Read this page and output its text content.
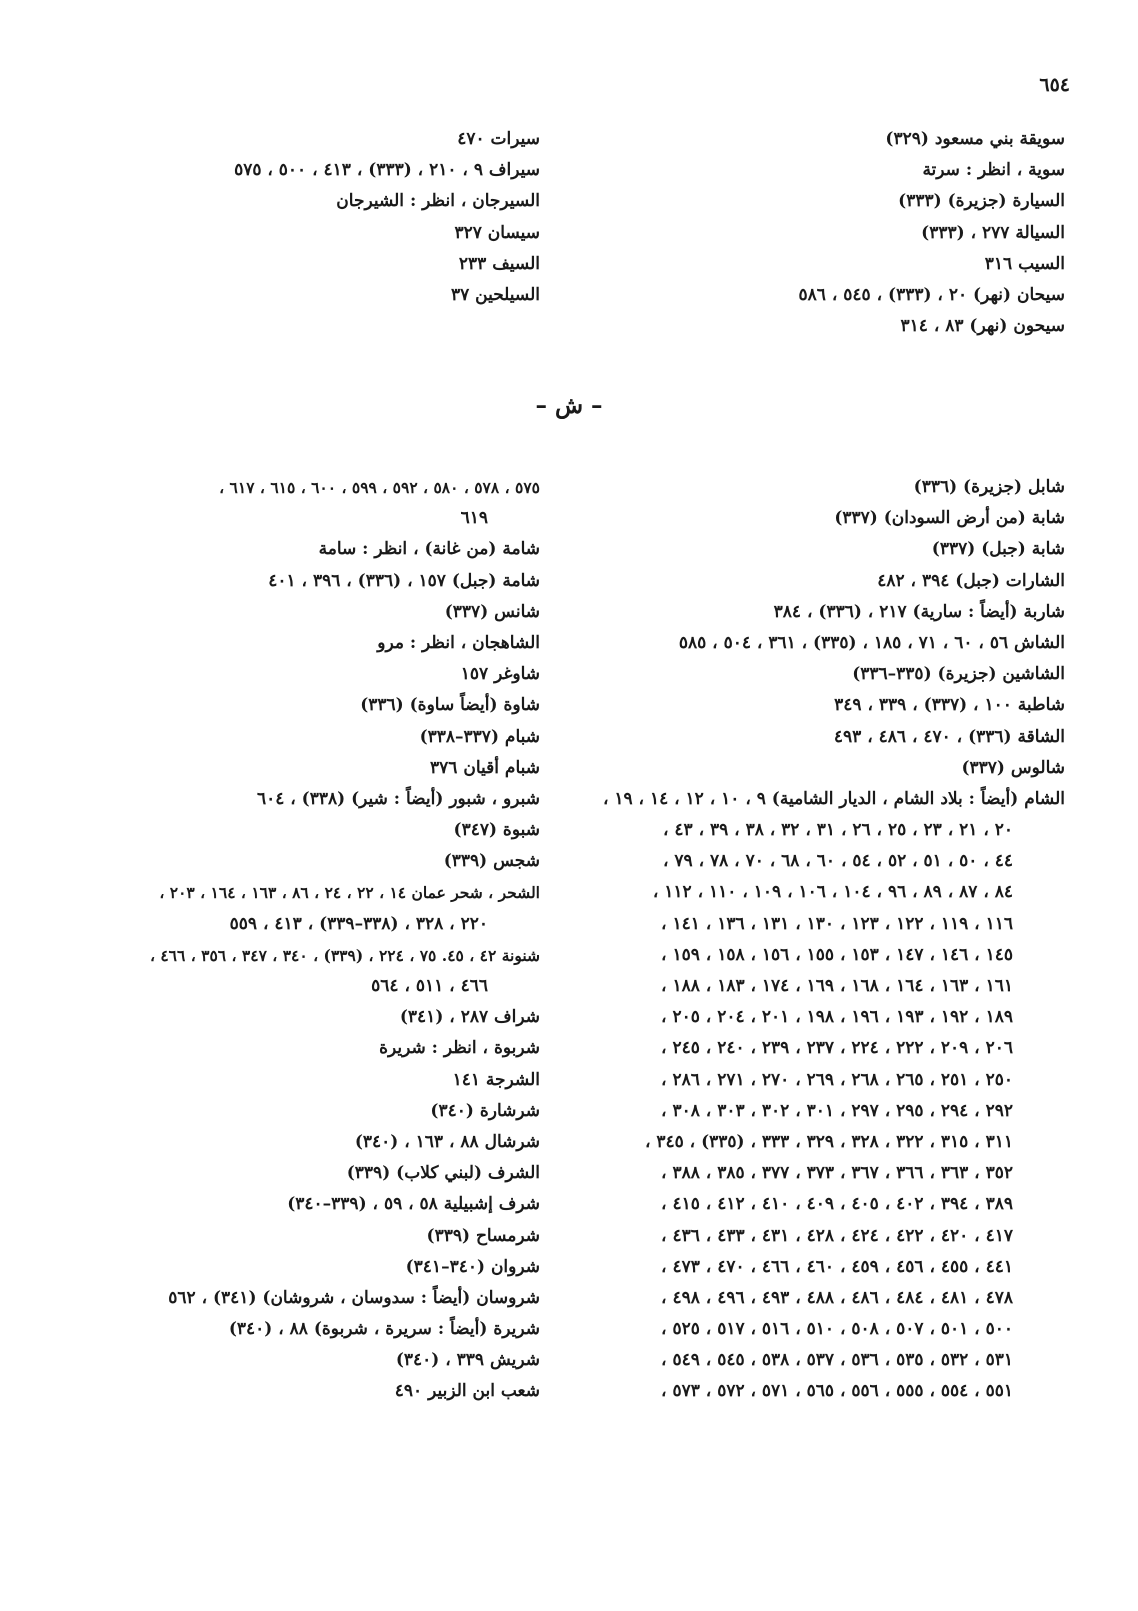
٦٥٤
سويقة بني مسعود (٣٢٩)
سوية ، انظر : سرتة
السيارة (جزيرة) (٣٣٣)
السيالة ٢٧٧ ، (٣٣٣)
السيب ٣١٦
سيحان (نهر) ٢٠ ، (٣٣٣) ، ٥٤٥ ، ٥٨٦
سيحون (نهر) ٨٣ ، ٣١٤
سيرات ٤٧٠
سيراف ٩ ، ٢١٠ ، (٣٣٣) ، ٤١٣ ، ٥٠٠ ، ٥٧٥
السيرجان ، انظر : الشيرجان
سيسان ٣٢٧
السيف ٢٣٣
السيلحين ٣٧
– ش –
شابل (جزيرة) (٣٣٦)
شابة (من أرض السودان) (٣٣٧)
شابة (جبل) (٣٣٧)
الشارات (جبل) ٣٩٤ ، ٤٨٢
شاربة (أيضاً : سارية) ٢١٧ ، (٣٣٦) ، ٣٨٤
الشاش ٥٦ ، ٦٠ ، ٧١ ، ١٨٥ ، (٣٣٥) ، ٣٦١ ، ٥٠٤ ، ٥٨٥
الشاشين (جزيرة) (٣٣٥–٣٣٦)
شاطبة ١٠٠ ، (٣٣٧) ، ٣٣٩ ، ٣٤٩
الشاقة (٣٣٦) ، ٤٧٠ ، ٤٨٦ ، ٤٩٣
شالوس (٣٣٧)
الشام (أيضاً : بلاد الشام ، الديار الشامية) ٩ ، ١٠ ، ١٢ ، ١٤ ، ١٩ ،
٢٠ ، ٢١ ، ٢٣ ، ٢٥ ، ٢٦ ، ٣١ ، ٣٢ ، ٣٨ ، ٣٩ ، ٤٣ ،
٤٤ ، ٥٠ ، ٥١ ، ٥٢ ، ٥٤ ، ٦٠ ، ٦٨ ، ٧٠ ، ٧٨ ، ٧٩ ،
٨٤ ، ٨٧ ، ٨٩ ، ٩٦ ، ١٠٤ ، ١٠٦ ، ١٠٩ ، ١١٠ ، ١١٢ ،
١١٦ ، ١١٩ ، ١٢٢ ، ١٢٣ ، ١٣٠ ، ١٣١ ، ١٣٦ ، ١٤١ ،
١٤٥ ، ١٤٦ ، ١٤٧ ، ١٥٣ ، ١٥٥ ، ١٥٦ ، ١٥٨ ، ١٥٩ ،
١٦١ ، ١٦٣ ، ١٦٤ ، ١٦٨ ، ١٦٩ ، ١٧٤ ، ١٨٣ ، ١٨٨ ،
١٨٩ ، ١٩٢ ، ١٩٣ ، ١٩٦ ، ١٩٨ ، ٢٠١ ، ٢٠٤ ، ٢٠٥ ،
٢٠٦ ، ٢٠٩ ، ٢٢٢ ، ٢٢٤ ، ٢٣٧ ، ٢٣٩ ، ٢٤٠ ، ٢٤٥ ،
٢٥٠ ، ٢٥١ ، ٢٦٥ ، ٢٦٨ ، ٢٦٩ ، ٢٧٠ ، ٢٧١ ، ٢٨٦ ،
٢٩٢ ، ٢٩٤ ، ٢٩٥ ، ٢٩٧ ، ٣٠١ ، ٣٠٢ ، ٣٠٣ ، ٣٠٨ ،
٣١١ ، ٣١٥ ، ٣٢٢ ، ٣٢٨ ، ٣٢٩ ، ٣٣٣ ، (٣٣٥) ، ٣٤٥ ،
٣٥٢ ، ٣٦٣ ، ٣٦٦ ، ٣٦٧ ، ٣٧٣ ، ٣٧٧ ، ٣٨٥ ، ٣٨٨ ،
٣٨٩ ، ٣٩٤ ، ٤٠٢ ، ٤٠٥ ، ٤٠٩ ، ٤١٠ ، ٤١٢ ، ٤١٥ ،
٤١٧ ، ٤٢٠ ، ٤٢٢ ، ٤٢٤ ، ٤٢٨ ، ٤٣١ ، ٤٣٣ ، ٤٣٦ ،
٤٤١ ، ٤٥٥ ، ٤٥٦ ، ٤٥٩ ، ٤٦٠ ، ٤٦٦ ، ٤٧٠ ، ٤٧٣ ،
٤٧٨ ، ٤٨١ ، ٤٨٤ ، ٤٨٦ ، ٤٨٨ ، ٤٩٣ ، ٤٩٦ ، ٤٩٨ ،
٥٠٠ ، ٥٠١ ، ٥٠٧ ، ٥٠٨ ، ٥١٠ ، ٥١٦ ، ٥١٧ ، ٥٢٥ ،
٥٣١ ، ٥٣٢ ، ٥٣٥ ، ٥٣٦ ، ٥٣٧ ، ٥٣٨ ، ٥٤٥ ، ٥٤٩ ،
٥٥١ ، ٥٥٤ ، ٥٥٥ ، ٥٥٦ ، ٥٦٥ ، ٥٧١ ، ٥٧٢ ، ٥٧٣ ،
٥٧٥ ، ٥٧٨ ، ٥٨٠ ، ٥٩٢ ، ٥٩٩ ، ٦٠٠ ، ٦١٥ ، ٦١٧ ،
٦١٩
شامة (من غانة) ، انظر : سامة
شامة (جبل) ١٥٧ ، (٣٣٦) ، ٣٩٦ ، ٤٠١
شانس (٣٣٧)
الشاهجان ، انظر : مرو
شاوغر ١٥٧
شاوة (أيضاً ساوة) (٣٣٦)
شبام (٣٣٧–٣٣٨)
شبام أقيان ٣٧٦
شبرو ، شبور (أيضاً : شير) (٣٣٨) ، ٦٠٤
شبوة (٣٤٧)
شجس (٣٣٩)
الشحر ، شحر عمان ١٤ ، ٢٢ ، ٢٤ ، ٨٦ ، ١٦٣ ، ١٦٤ ، ٢٠٣ ،
٢٢٠ ، ٣٢٨ ، (٣٣٨–٣٣٩) ، ٤١٣ ، ٥٥٩
شنونة ٤٢ ، ٤٥. ٧٥ ، ٢٢٤ ، (٣٣٩) ، ٣٤٠ ، ٣٤٧ ، ٣٥٦ ، ٤٦٦ ،
٤٦٦ ، ٥١١ ، ٥٦٤
شراف ٢٨٧ ، (٣٤١)
شربوة ، انظر : شريرة
الشرجة ١٤١
شرشارة (٣٤٠)
شرشال ٨٨ ، ١٦٣ ، (٣٤٠)
الشرف (لبني كلاب) (٣٣٩)
شرف إشبيلية ٥٨ ، ٥٩ ، (٣٣٩–٣٤٠)
شرمساح (٣٣٩)
شروان (٣٤٠–٣٤١)
شروسان (أيضاً : سدوسان ، شروشان) (٣٤١) ، ٥٦٢
شريرة (أيضاً : سريرة ، شربوة) ٨٨ ، (٣٤٠)
شريش ٣٣٩ ، (٣٤٠)
شعب ابن الزبير ٤٩٠
